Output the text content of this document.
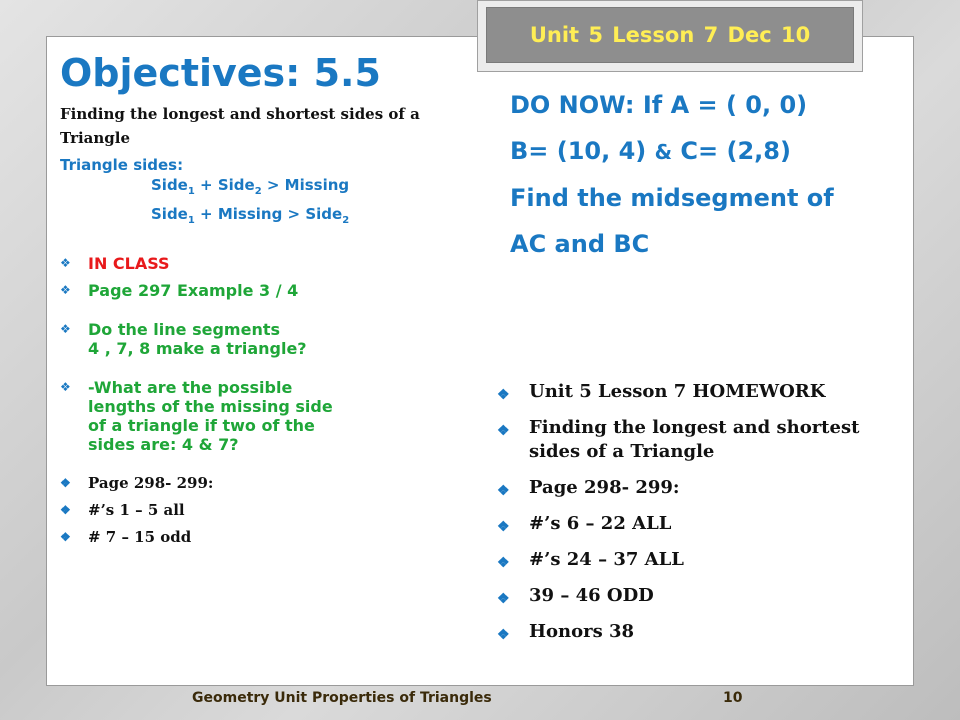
Unit 5 Lesson 7 Dec 10
Objectives: 5.5
Finding the longest and shortest sides of a Triangle
Triangle sides:
Side$_1$ + Side$_2$ > Missing
Side$_1$ + Missing > Side$_2$
❖ IN CLASS
❖ Page 297 Example 3 / 4
❖ Do the line segments
4 , 7, 8 make a triangle?
❖ -What are the possible
lengths of the missing side
of a triangle if two of the
sides are: 4 & 7?
❖ Page 298- 299:
❖ #’s 1 – 5 all
❖ # 7 – 15 odd
DO NOW: If A = ( 0, 0)
B= (10, 4) & C= (2,8)
Find the midsegment of
AC and BC
❖ Unit 5 Lesson 7 HOMEWORK
❖ Finding the longest and shortest sides of a Triangle
❖ Page 298- 299:
❖ #’s 6 – 22 ALL
❖ #’s 24 – 37 ALL
❖ 39 – 46 ODD
❖ Honors 38
Geometry Unit Properties of Triangles	10
